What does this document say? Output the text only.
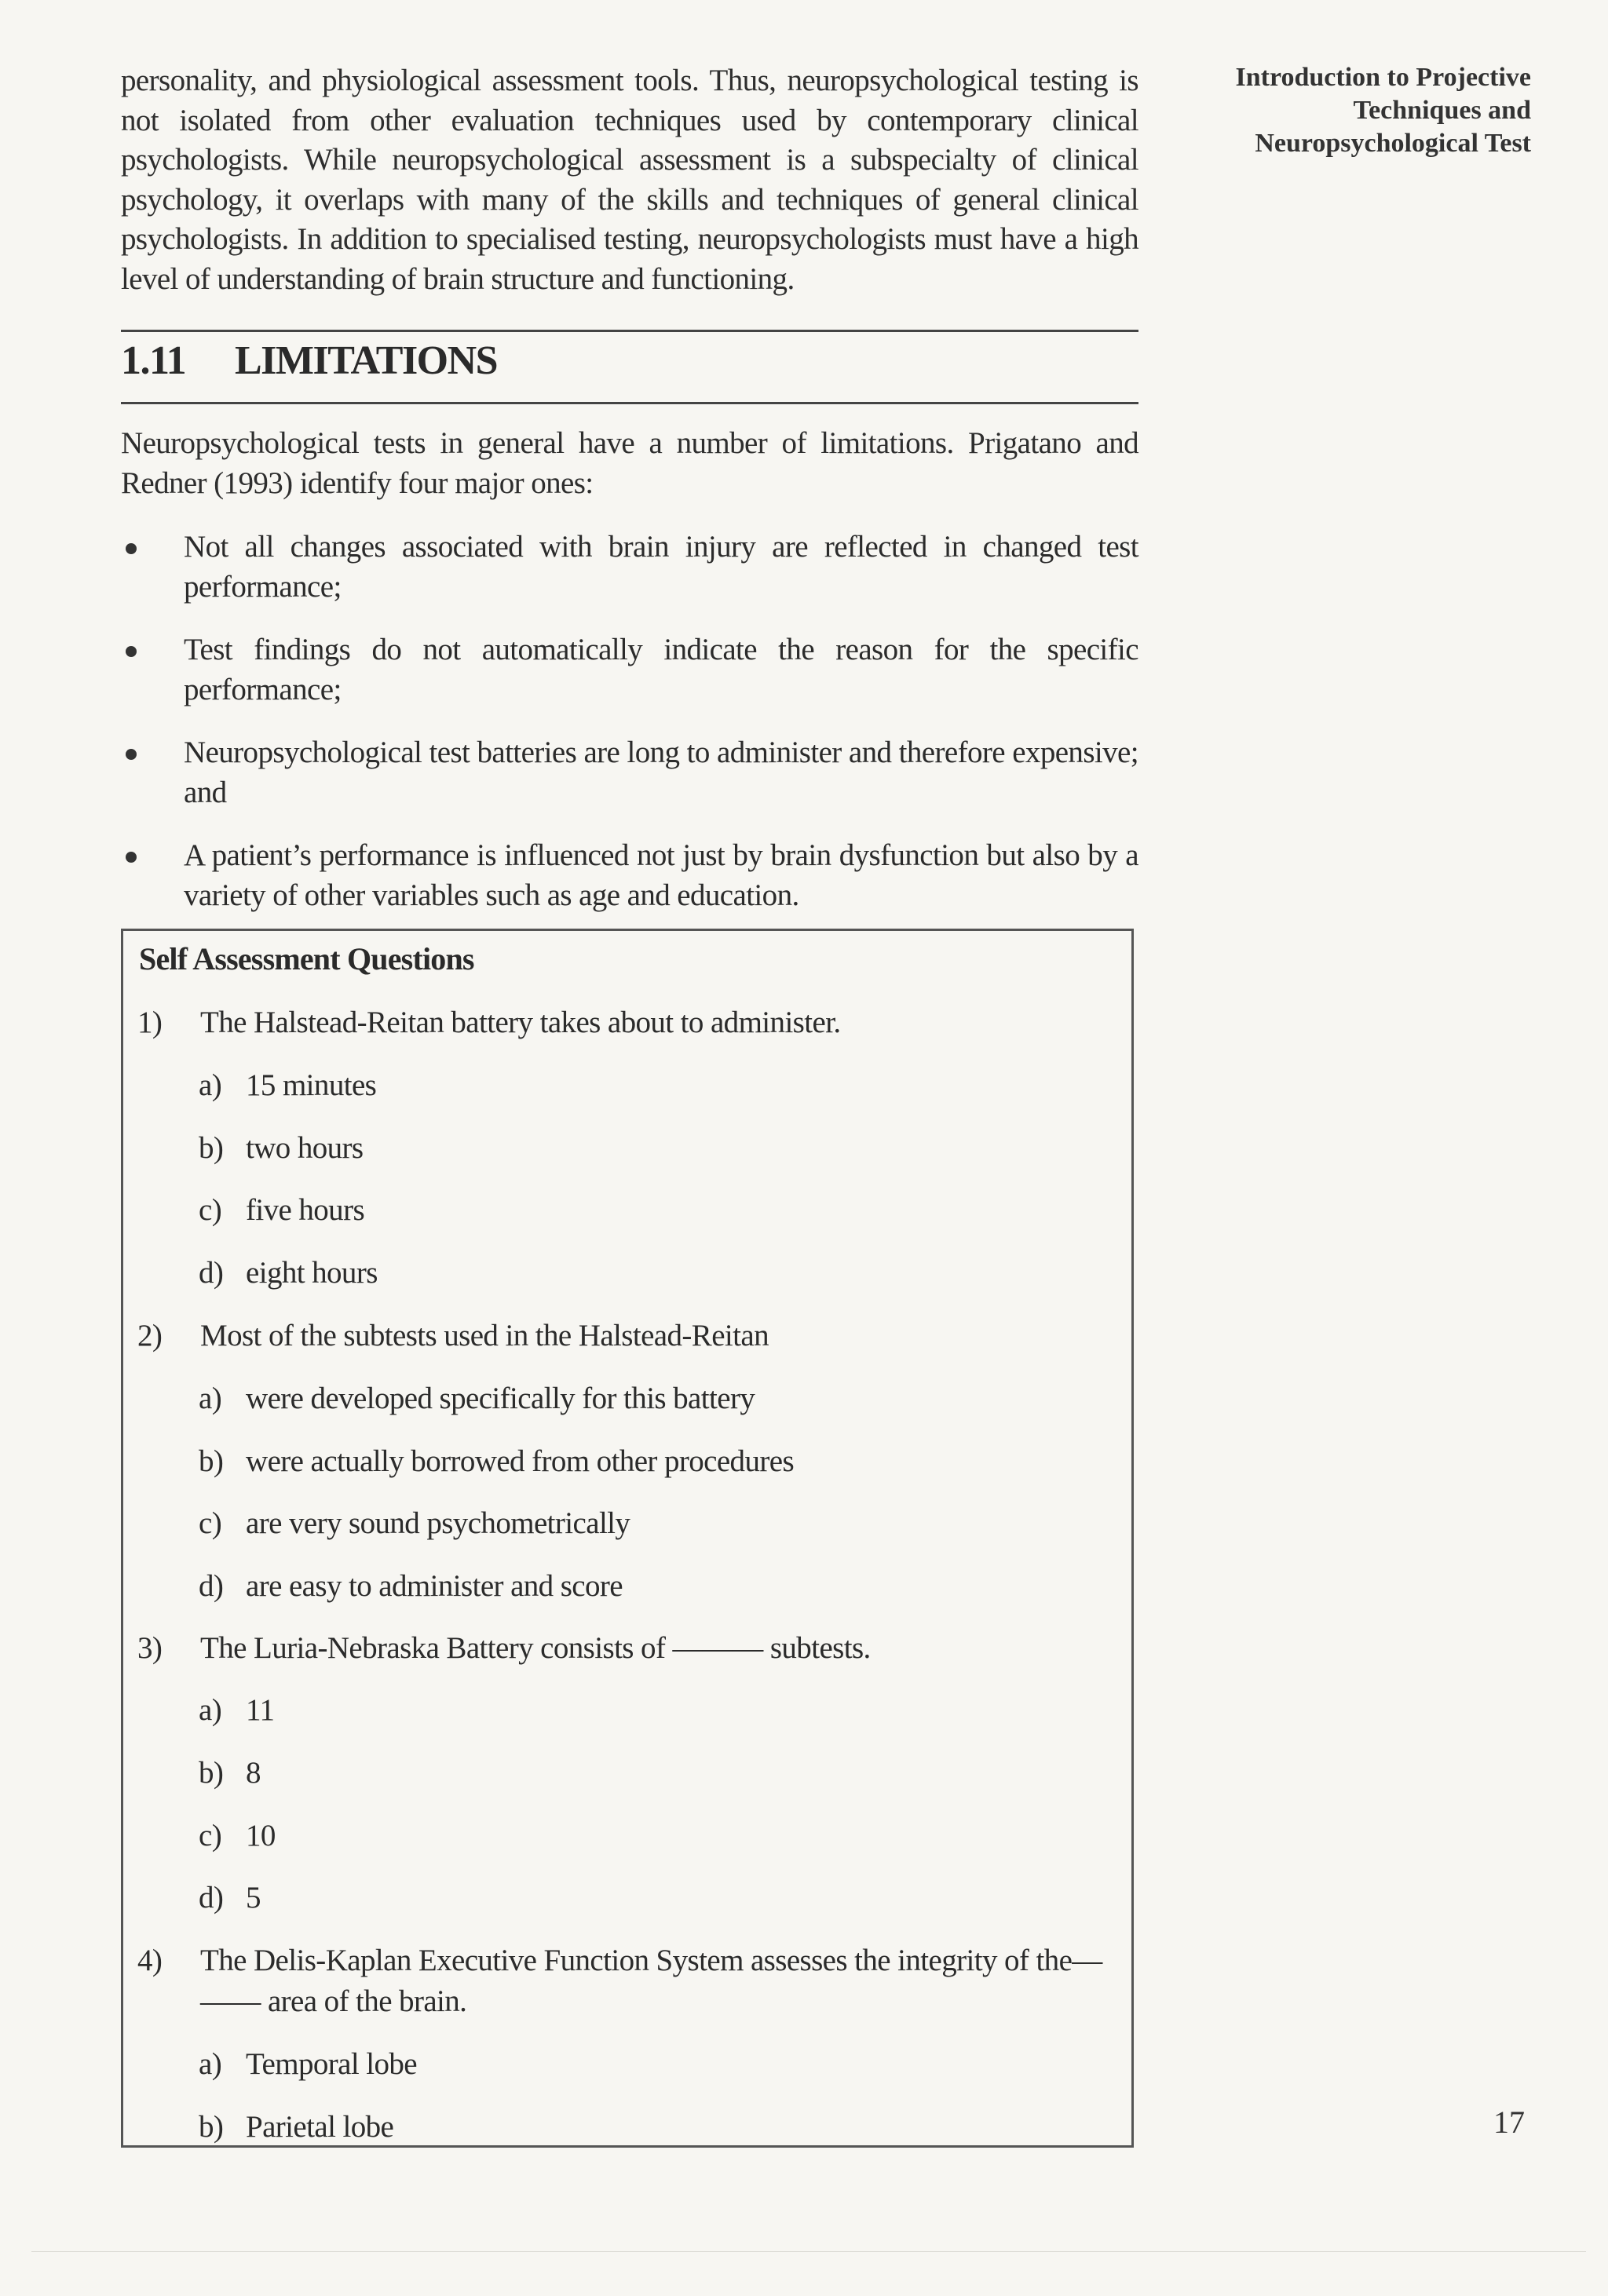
Introduction to Projective
Techniques and
Neuropsychological Test

personality, and physiological assessment tools. Thus, neuropsychological testing is not isolated from other evaluation techniques used by contemporary clinical psychologists. While neuropsychological assessment is a subspecialty of clinical psychology, it overlaps with many of the skills and techniques of general clinical psychologists. In addition to specialised testing, neuropsychologists must have a high level of understanding of brain structure and functioning.

1.11 LIMITATIONS

Neuropsychological tests in general have a number of limitations. Prigatano and Redner (1993) identify four major ones:

Not all changes associated with brain injury are reflected in changed test performance;
Test findings do not automatically indicate the reason for the specific performance;
Neuropsychological test batteries are long to administer and therefore expensive; and
A patient’s performance is influenced not just by brain dysfunction but also by a variety of other variables such as age and education.
Self Assessment Questions
1) The Halstead-Reitan battery takes about to administer.
a) 15 minutes
b) two hours
c) five hours
d) eight hours
2) Most of the subtests used in the Halstead-Reitan
a) were developed specifically for this battery
b) were actually borrowed from other procedures
c) are very sound psychometrically
d) are easy to administer and score
3) The Luria-Nebraska Battery consists of ——— subtests.
a) 11
b) 8
c) 10
d) 5
4) The Delis-Kaplan Executive Function System assesses the integrity of the—
—— area of the brain.
a) Temporal lobe
b) Parietal lobe	17
